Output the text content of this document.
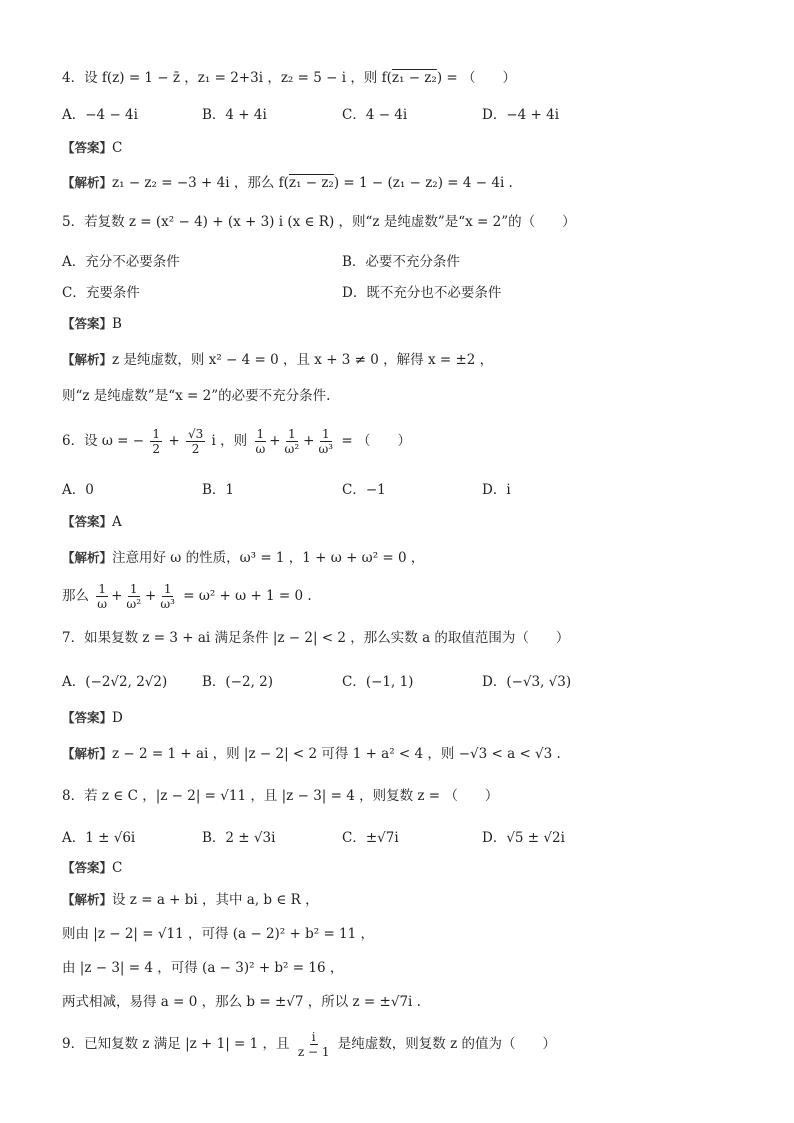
4．设 f(z) = 1 − z̄ ，z₁ = 2+3i ，z₂ = 5 − i ，则 f(z₁ − z₂) = （　　）
A．−4 − 4i	B．4 + 4i	C．4 − 4i	D．−4 + 4i
【答案】C
【解析】z₁ − z₂ = −3 + 4i ，那么 f(z₁ − z₂) = 1 − (z₁ − z₂) = 4 − 4i .
5．若复数 z = (x² − 4) + (x + 3) i (x ∈ R) ，则“z 是纯虚数”是“x = 2”的（　　）
A．充分不必要条件	B．必要不充分条件
C．充要条件	D．既不充分也不必要条件
【答案】B
【解析】z 是纯虚数，则 x² − 4 = 0 ，且 x + 3 ≠ 0 ，解得 x = ±2 ，
则“z 是纯虚数”是“x = 2”的必要不充分条件.
6．设 ω = − $\frac{1}{2} + \frac{√3}{2}$ i ，则 $\frac{1}{\omega} + \frac{1}{\text{ω²}} + \frac{1}{\text{ω³}}$ = （　　）
A．0	B．1	C．−1	D．i
【答案】A
【解析】注意用好 ω 的性质，ω³ = 1 ，1 + ω + ω² = 0 ，
那么 $\frac{1}{\omega} + \frac{1}{\text{ω²}} + \frac{1}{\text{ω³}} = \omega^2 + \omega + 1 = 0$ .
7．如果复数 z = 3 + ai 满足条件 |z − 2| < 2 ，那么实数 a 的取值范围为（　　）
A．(−2√2, 2√2)	B．(−2, 2)	C．(−1, 1)	D．(−√3, √3)
【答案】D
【解析】z − 2 = 1 + ai ，则 |z − 2| < 2 可得 1 + a² < 4 ，则 −√3 < a < √3 .
8．若 z ∈ C ，|z − 2| = √11 ，且 |z − 3| = 4 ，则复数 z = （　　）
A．1 ± √6i	B．2 ± √3i	C．±√7i	D．√5 ± √2i
【答案】C
【解析】设 z = a + bi ，其中 a, b ∈ R ，
则由 |z − 2| = √11 ，可得 (a − 2)² + b² = 11 ，
由 |z − 3| = 4 ，可得 (a − 3)² + b² = 16 ，
两式相减，易得 a = 0 ，那么 b = ±√7 ，所以 z = ±√7i .
9．已知复数 z 满足 |z + 1| = 1 ，且 $\frac{i}{z - 1}$ 是纯虚数，则复数 z 的值为（　　）
